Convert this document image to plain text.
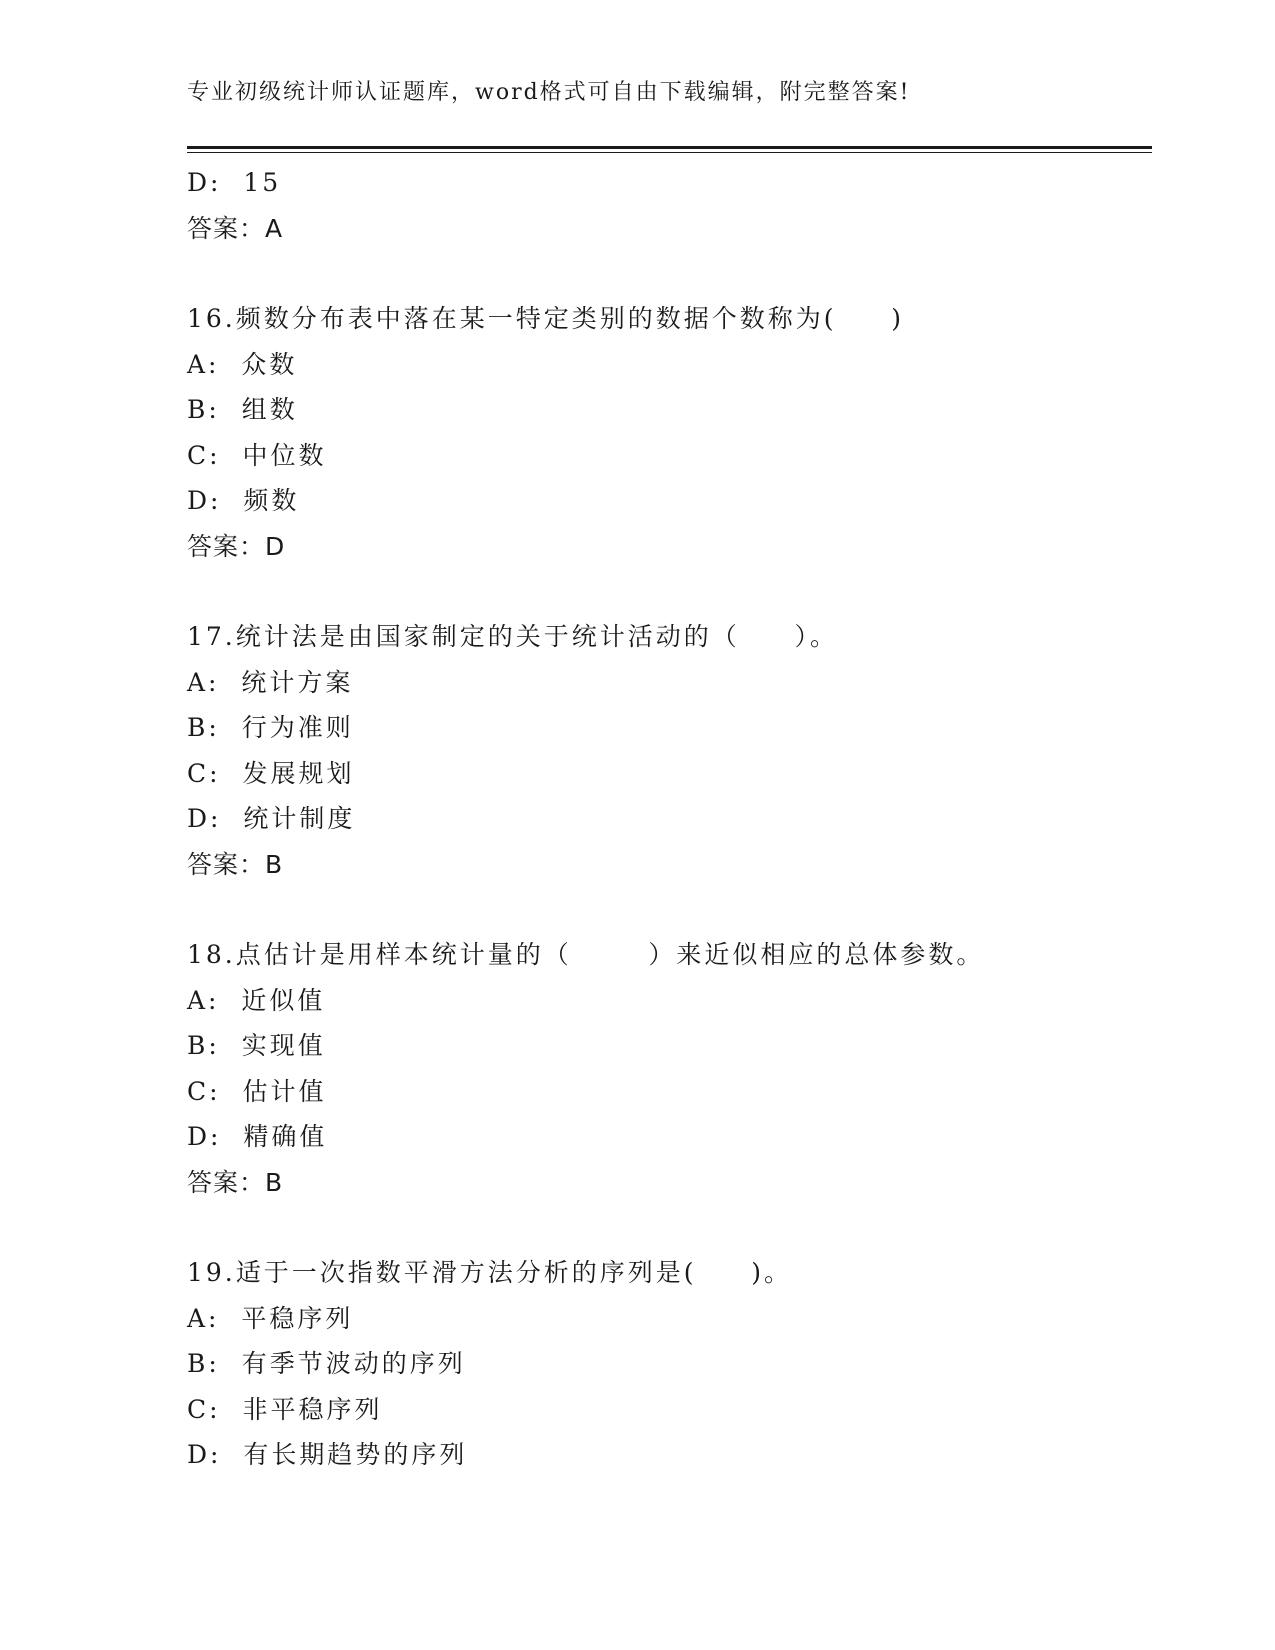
专业初级统计师认证题库，word格式可自由下载编辑，附完整答案!
D:  15
答案：A
16.频数分布表中落在某一特定类别的数据个数称为(     )
A:  众数
B:  组数
C:  中位数
D:  频数
答案：D
17.统计法是由国家制定的关于统计活动的（     ）。
A:  统计方案
B:  行为准则
C:  发展规划
D:  统计制度
答案：B
18.点估计是用样本统计量的（       ）来近似相应的总体参数。
A:  近似值
B:  实现值
C:  估计值
D:  精确值
答案：B
19.适于一次指数平滑方法分析的序列是(     )。
A:  平稳序列
B:  有季节波动的序列
C:  非平稳序列
D:  有长期趋势的序列
